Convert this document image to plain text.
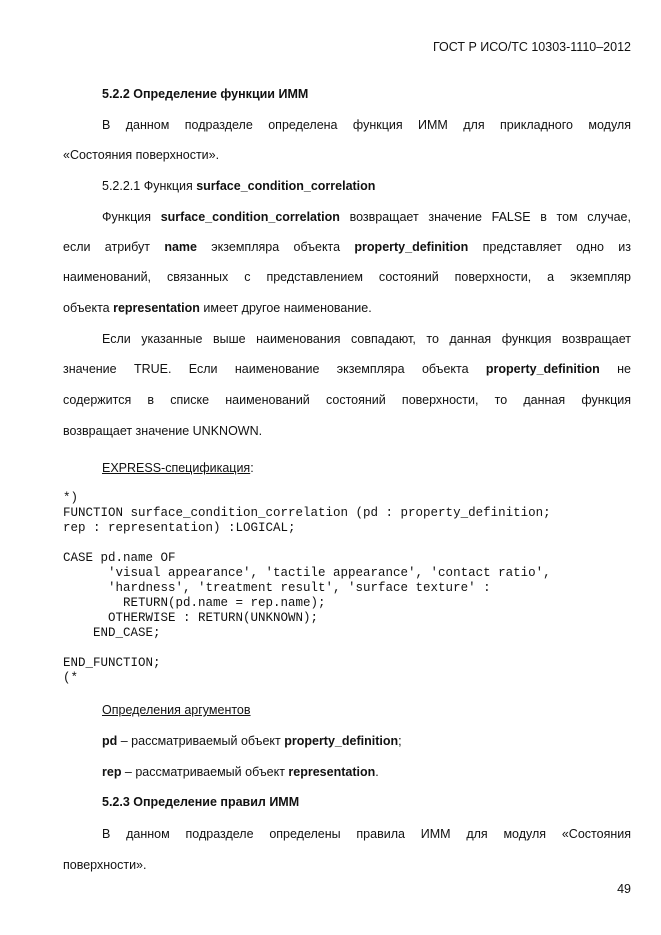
ГОСТ Р ИСО/ТС 10303-1110–2012
5.2.2 Определение функции ИММ
В данном подразделе определена функция ИММ для прикладного модуля
«Состояния поверхности».
5.2.2.1 Функция surface_condition_correlation
Функция surface_condition_correlation возвращает значение FALSE в том случае,
если атрибут name экземпляра объекта property_definition представляет одно из
наименований, связанных с представлением состояний поверхности, а экземпляр
объекта representation имеет другое наименование.
Если указанные выше наименования совпадают, то данная функция возвращает
значение TRUE. Если наименование экземпляра объекта property_definition не
содержится в списке наименований состояний поверхности, то данная функция
возвращает значение UNKNOWN.
EXPRESS-спецификация:
*)
FUNCTION surface_condition_correlation (pd : property_definition;
rep : representation) :LOGICAL;

CASE pd.name OF
'visual appearance', 'tactile appearance', 'contact ratio',
'hardness', 'treatment result', 'surface texture' :
RETURN(pd.name = rep.name);
OTHERWISE : RETURN(UNKNOWN);
END_CASE;

END_FUNCTION;
(*
Определения аргументов
pd – рассматриваемый объект property_definition;
rep – рассматриваемый объект representation.
5.2.3 Определение правил ИММ
В данном подразделе определены правила ИММ для модуля «Состояния
поверхности».
49
